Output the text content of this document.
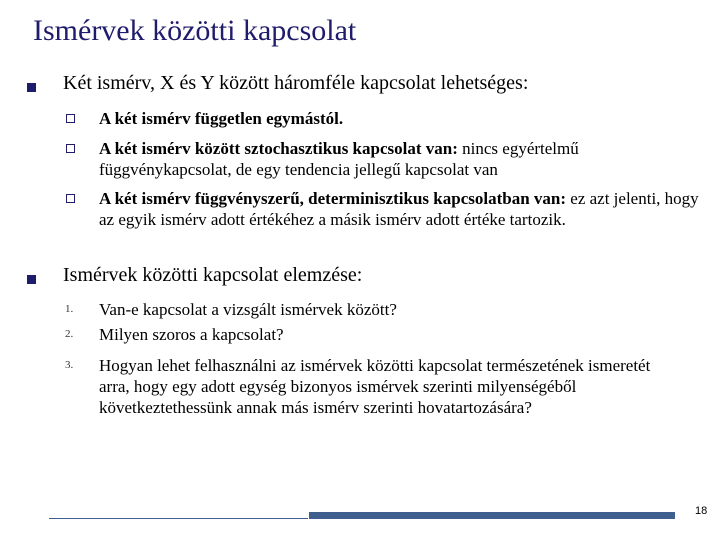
Ismérvek közötti kapcsolat
Két ismérv, X és Y között háromféle kapcsolat lehetséges:
A két ismérv független egymástól.
A két ismérv között sztochasztikus kapcsolat van: nincs egyértelmű függvénykapcsolat, de egy tendencia jellegű kapcsolat van
A két ismérv függvényszerű, determinisztikus kapcsolatban van: ez azt jelenti, hogy az egyik ismérv adott értékéhez a másik ismérv adott értéke tartozik.
Ismérvek közötti kapcsolat elemzése:
1. Van-e kapcsolat a vizsgált ismérvek között?
2. Milyen szoros a kapcsolat?
3. Hogyan lehet felhasználni az ismérvek közötti kapcsolat természetének ismeretét arra, hogy egy adott egység bizonyos ismérvek szerinti milyenségéből következtethessünk annak más ismérv szerinti hovatartozására?
18
